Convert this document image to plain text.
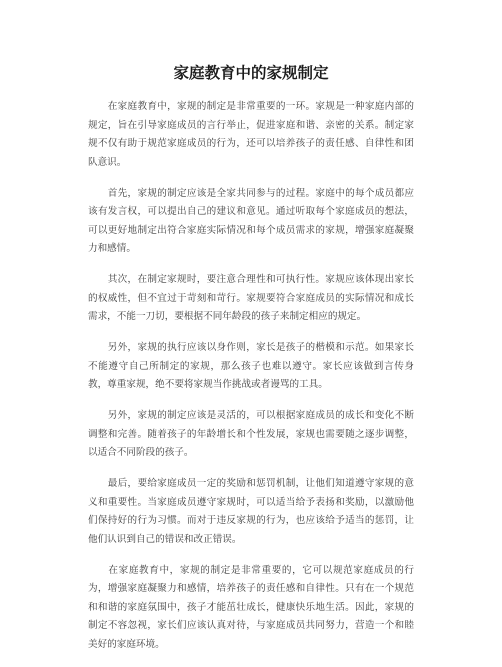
家庭教育中的家规制定

　　在家庭教育中，家规的制定是非常重要的一环。家规是一种家庭内部的规定，旨在引导家庭成员的言行举止，促进家庭和谐、亲密的关系。制定家规不仅有助于规范家庭成员的行为，还可以培养孩子的责任感、自律性和团队意识。

　　首先，家规的制定应该是全家共同参与的过程。家庭中的每个成员都应该有发言权，可以提出自己的建议和意见。通过听取每个家庭成员的想法，可以更好地制定出符合家庭实际情况和每个成员需求的家规，增强家庭凝聚力和感情。

　　其次，在制定家规时，要注意合理性和可执行性。家规应该体现出家长的权威性，但不宜过于苛刻和苛行。家规要符合家庭成员的实际情况和成长需求，不能一刀切，要根据不同年龄段的孩子来制定相应的规定。

　　另外，家规的执行应该以身作则，家长是孩子的楷模和示范。如果家长不能遵守自己所制定的家规，那么孩子也难以遵守。家长应该做到言传身教，尊重家规，绝不要将家规当作挑战或者谩骂的工具。

　　另外，家规的制定应该是灵活的，可以根据家庭成员的成长和变化不断调整和完善。随着孩子的年龄增长和个性发展，家规也需要随之逐步调整，以适合不同阶段的孩子。

　　最后，要给家庭成员一定的奖励和惩罚机制，让他们知道遵守家规的意义和重要性。当家庭成员遵守家规时，可以适当给予表扬和奖励，以激励他们保持好的行为习惯。而对于违反家规的行为，也应该给予适当的惩罚，让他们认识到自己的错误和改正错误。

　　在家庭教育中，家规的制定是非常重要的，它可以规范家庭成员的行为，增强家庭凝聚力和感情，培养孩子的责任感和自律性。只有在一个规范和和谐的家庭氛围中，孩子才能茁壮成长，健康快乐地生活。因此，家规的制定不容忽视，家长们应该认真对待，与家庭成员共同努力，营造一个和睦美好的家庭环境。
